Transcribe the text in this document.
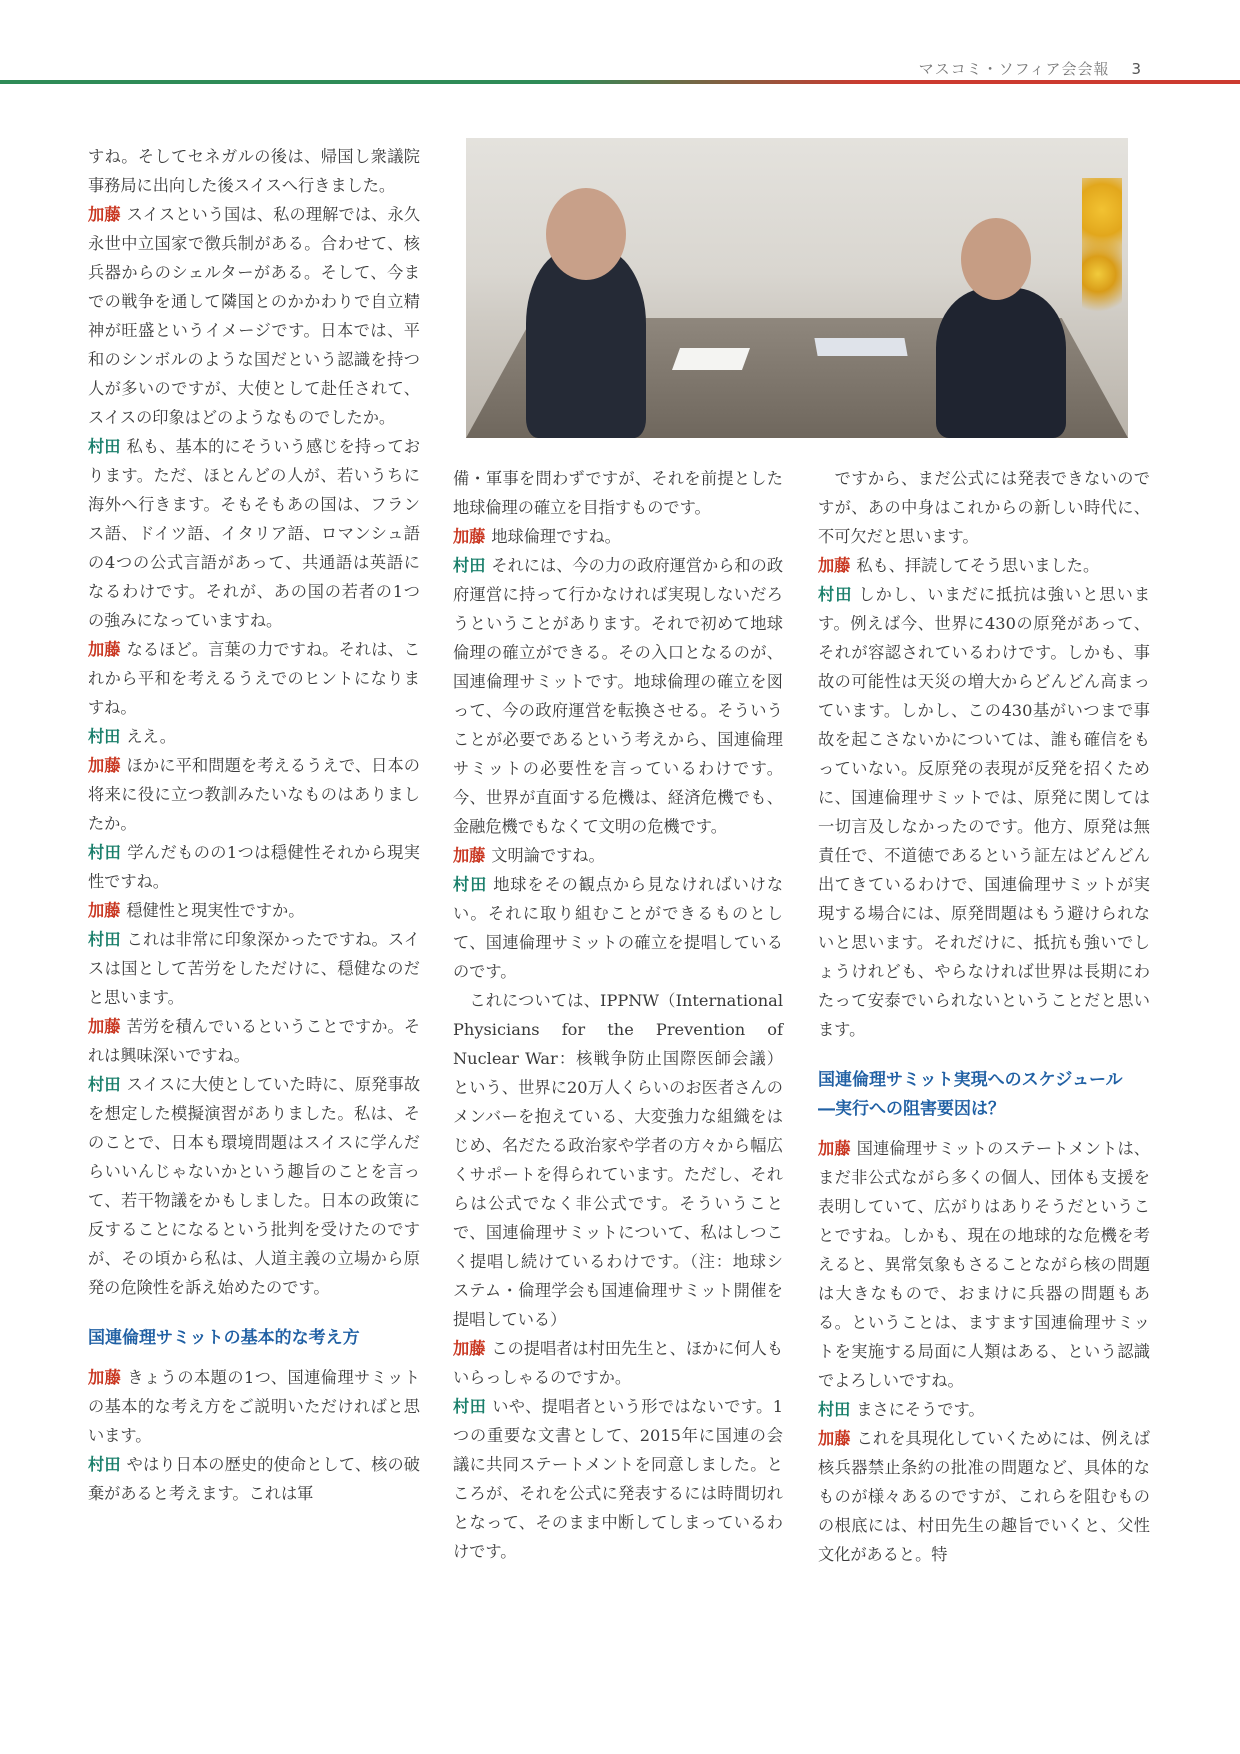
マスコミ・ソフィア会会報 3

すね。そしてセネガルの後は、帰国し衆議院事務局に出向した後スイスへ行きました。

加藤 スイスという国は、私の理解では、永久永世中立国家で徴兵制がある。合わせて、核兵器からのシェルターがある。そして、今までの戦争を通して隣国とのかかわりで自立精神が旺盛というイメージです。日本では、平和のシンボルのような国だという認識を持つ人が多いのですが、大使として赴任されて、スイスの印象はどのようなものでしたか。

村田 私も、基本的にそういう感じを持っております。ただ、ほとんどの人が、若いうちに海外へ行きます。そもそもあの国は、フランス語、ドイツ語、イタリア語、ロマンシュ語の4つの公式言語があって、共通語は英語になるわけです。それが、あの国の若者の1つの強みになっていますね。

加藤 なるほど。言葉の力ですね。それは、これから平和を考えるうえでのヒントになりますね。

村田 ええ。

加藤 ほかに平和問題を考えるうえで、日本の将来に役に立つ教訓みたいなものはありましたか。

村田 学んだものの1つは穏健性それから現実性ですね。

加藤 穏健性と現実性ですか。

村田 これは非常に印象深かったですね。スイスは国として苦労をしただけに、穏健なのだと思います。

加藤 苦労を積んでいるということですか。それは興味深いですね。

村田 スイスに大使としていた時に、原発事故を想定した模擬演習がありました。私は、そのことで、日本も環境問題はスイスに学んだらいいんじゃないかという趣旨のことを言って、若干物議をかもしました。日本の政策に反することになるという批判を受けたのですが、その頃から私は、人道主義の立場から原発の危険性を訴え始めたのです。

国連倫理サミットの基本的な考え方

加藤 きょうの本題の1つ、国連倫理サミットの基本的な考え方をご説明いただければと思います。

村田 やはり日本の歴史的使命として、核の破棄があると考えます。これは軍

備・軍事を問わずですが、それを前提とした地球倫理の確立を目指すものです。

加藤 地球倫理ですね。

村田 それには、今の力の政府運営から和の政府運営に持って行かなければ実現しないだろうということがあります。それで初めて地球倫理の確立ができる。その入口となるのが、国連倫理サミットです。地球倫理の確立を図って、今の政府運営を転換させる。そういうことが必要であるという考えから、国連倫理サミットの必要性を言っているわけです。今、世界が直面する危機は、経済危機でも、金融危機でもなくて文明の危機です。

加藤 文明論ですね。

村田 地球をその観点から見なければいけない。それに取り組むことができるものとして、国連倫理サミットの確立を提唱しているのです。

　これについては、IPPNW（International Physicians for the Prevention of Nuclear War：核戦争防止国際医師会議）という、世界に20万人くらいのお医者さんのメンバーを抱えている、大変強力な組織をはじめ、名だたる政治家や学者の方々から幅広くサポートを得られています。ただし、それらは公式でなく非公式です。そういうことで、国連倫理サミットについて、私はしつこく提唱し続けているわけです。（注：地球システム・倫理学会も国連倫理サミット開催を提唱している）

加藤 この提唱者は村田先生と、ほかに何人もいらっしゃるのですか。

村田 いや、提唱者という形ではないです。1つの重要な文書として、2015年に国連の会議に共同ステートメントを同意しました。ところが、それを公式に発表するには時間切れとなって、そのまま中断してしまっているわけです。

　ですから、まだ公式には発表できないのですが、あの中身はこれからの新しい時代に、不可欠だと思います。

加藤 私も、拝読してそう思いました。

村田 しかし、いまだに抵抗は強いと思います。例えば今、世界に430の原発があって、それが容認されているわけです。しかも、事故の可能性は天災の増大からどんどん高まっています。しかし、この430基がいつまで事故を起こさないかについては、誰も確信をもっていない。反原発の表現が反発を招くために、国連倫理サミットでは、原発に関しては一切言及しなかったのです。他方、原発は無責任で、不道徳であるという証左はどんどん出てきているわけで、国連倫理サミットが実現する場合には、原発問題はもう避けられないと思います。それだけに、抵抗も強いでしょうけれども、やらなければ世界は長期にわたって安泰でいられないということだと思います。

国連倫理サミット実現へのスケジュール
―実行への阻害要因は？

加藤 国連倫理サミットのステートメントは、まだ非公式ながら多くの個人、団体も支援を表明していて、広がりはありそうだということですね。しかも、現在の地球的な危機を考えると、異常気象もさることながら核の問題は大きなもので、おまけに兵器の問題もある。ということは、ますます国連倫理サミットを実施する局面に人類はある、という認識でよろしいですね。

村田 まさにそうです。

加藤 これを具現化していくためには、例えば核兵器禁止条約の批准の問題など、具体的なものが様々あるのですが、これらを阻むものの根底には、村田先生の趣旨でいくと、父性文化があると。特
